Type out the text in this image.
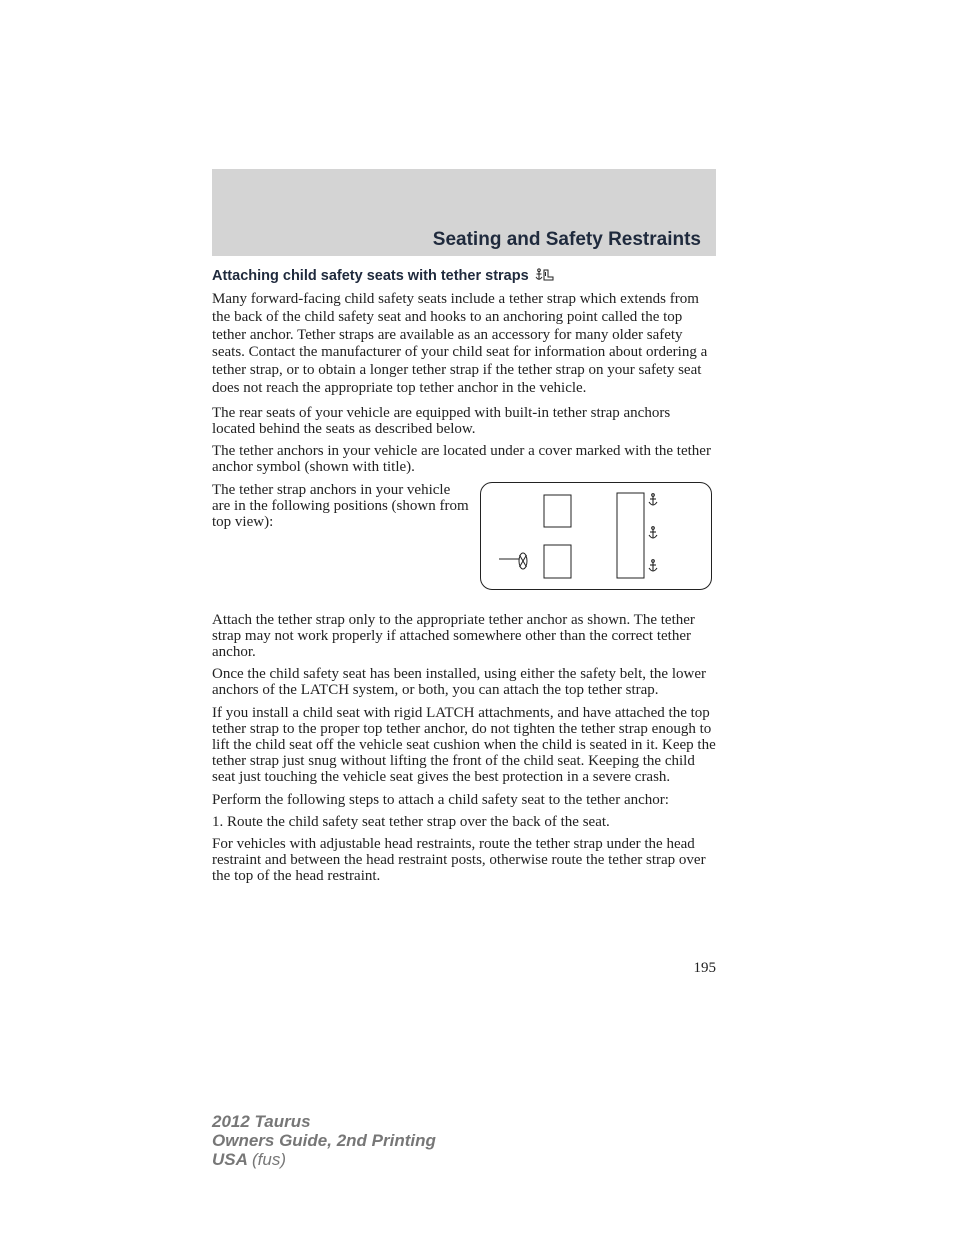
Seating and Safety Restraints
Attaching child safety seats with tether straps

Many forward-facing child safety seats include a tether strap which extends from the back of the child safety seat and hooks to an anchoring point called the top tether anchor. Tether straps are available as an accessory for many older safety seats. Contact the manufacturer of your child seat for information about ordering a tether strap, or to obtain a longer tether strap if the tether strap on your safety seat does not reach the appropriate top tether anchor in the vehicle.

The rear seats of your vehicle are equipped with built-in tether strap anchors located behind the seats as described below.

The tether anchors in your vehicle are located under a cover marked with the tether anchor symbol (shown with title).

The tether strap anchors in your vehicle are in the following positions (shown from top view):

Attach the tether strap only to the appropriate tether anchor as shown. The tether strap may not work properly if attached somewhere other than the correct tether anchor.

Once the child safety seat has been installed, using either the safety belt, the lower anchors of the LATCH system, or both, you can attach the top tether strap.

If you install a child seat with rigid LATCH attachments, and have attached the top tether strap to the proper top tether anchor, do not tighten the tether strap enough to lift the child seat off the vehicle seat cushion when the child is seated in it. Keep the tether strap just snug without lifting the front of the child seat. Keeping the child seat just touching the vehicle seat gives the best protection in a severe crash.

Perform the following steps to attach a child safety seat to the tether anchor:

1. Route the child safety seat tether strap over the back of the seat.

For vehicles with adjustable head restraints, route the tether strap under the head restraint and between the head restraint posts, otherwise route the tether strap over the top of the head restraint.

195
2012 Taurus
Owners Guide, 2nd Printing
USA (fus)
